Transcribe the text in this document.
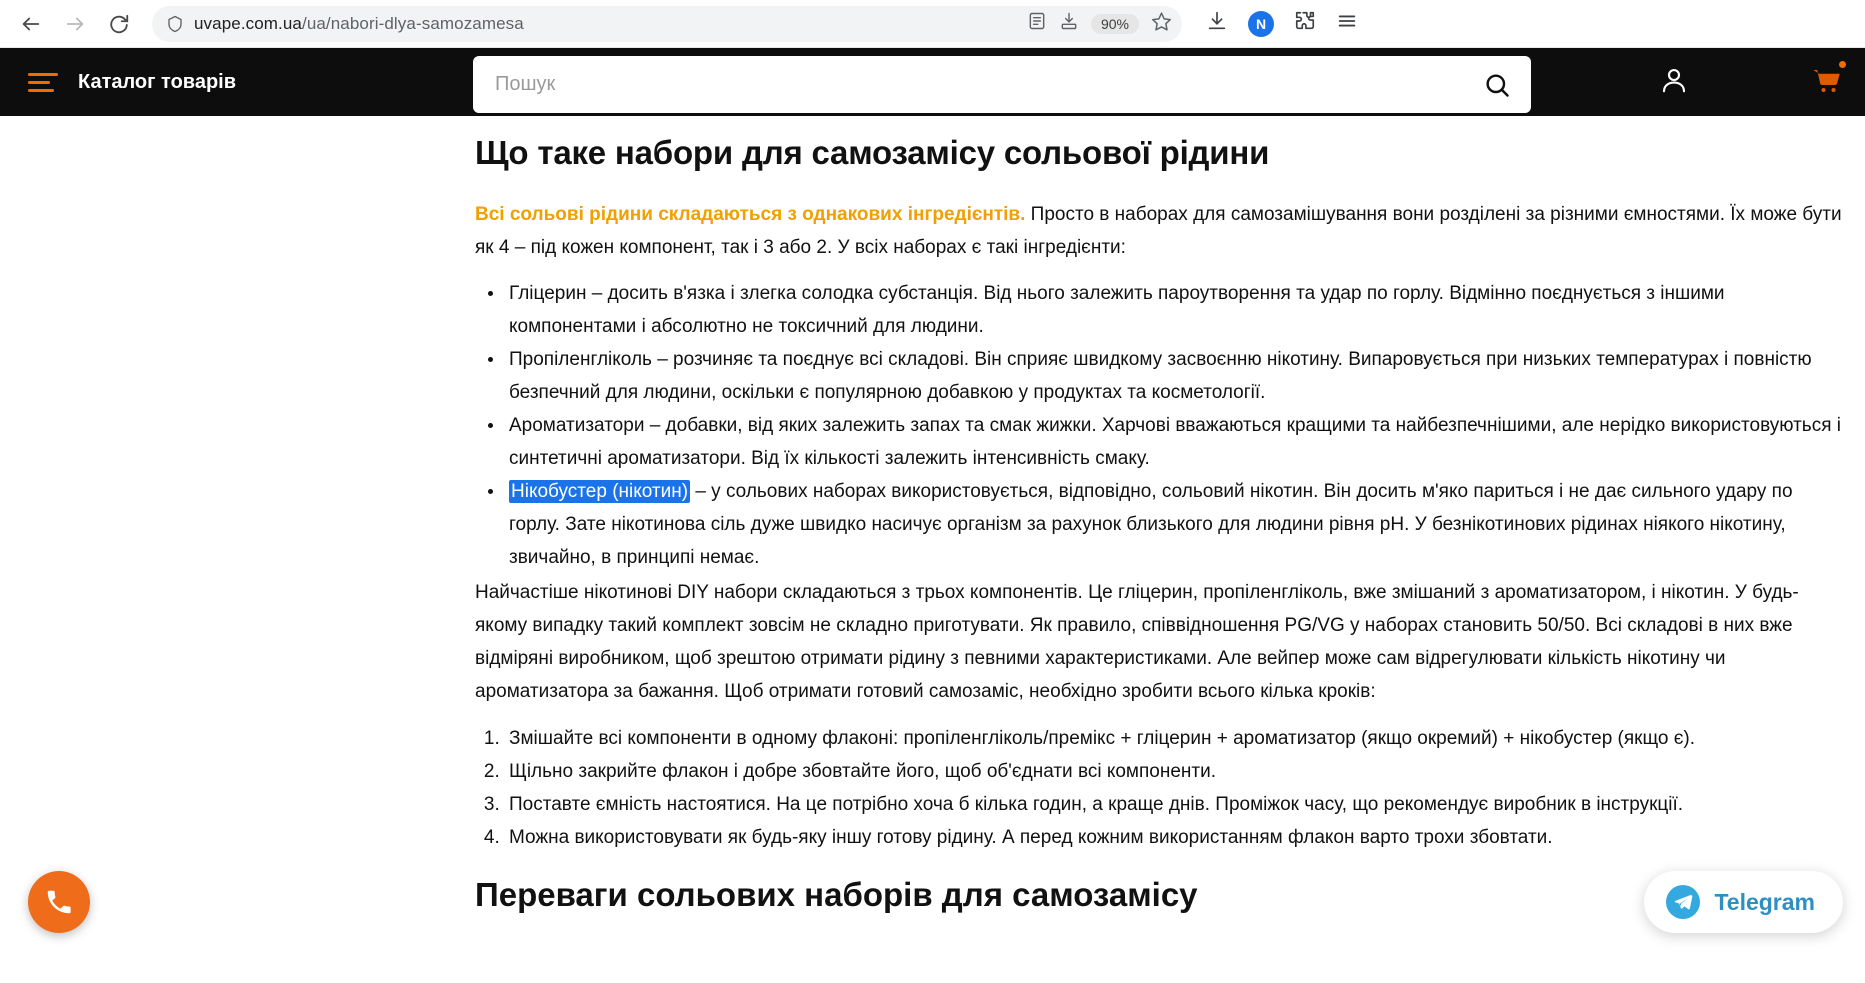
uvape.com.ua/ua/nabori-dlya-samozamesa	90%	N
Каталог товарів
Пошук
Що таке набори для самозамісу сольової рідини

Всі сольові рідини складаються з однакових інгредієнтів. Просто в наборах для самозамішування вони розділені за різними ємностями. Їх може бути як 4 – під кожен компонент, так і 3 або 2. У всіх наборах є такі інгредієнти:

• Гліцерин – досить в'язка і злегка солодка субстанція. Від нього залежить пароутворення та удар по горлу. Відмінно поєднується з іншими компонентами і абсолютно не токсичний для людини.
• Пропіленгліколь – розчиняє та поєднує всі складові. Він сприяє швидкому засвоєнню нікотину. Випаровується при низьких температурах і повністю безпечний для людини, оскільки є популярною добавкою у продуктах та косметології.
• Ароматизатори – добавки, від яких залежить запах та смак жижки. Харчові вважаються кращими та найбезпечнішими, але нерідко використовуються і синтетичні ароматизатори. Від їх кількості залежить інтенсивність смаку.
• Нікобустер (нікотин) – у сольових наборах використовується, відповідно, сольовий нікотин. Він досить м'яко париться і не дає сильного удару по горлу. Зате нікотинова сіль дуже швидко насичує організм за рахунок близького для людини рівня pH. У безнікотинових рідинах ніякого нікотину, звичайно, в принципі немає.

Найчастіше нікотинові DIY набори складаються з трьох компонентів. Це гліцерин, пропіленгліколь, вже змішаний з ароматизатором, і нікотин. У будь-якому випадку такий комплект зовсім не складно приготувати. Як правило, співвідношення PG/VG у наборах становить 50/50. Всі складові в них вже відміряні виробником, щоб зрештою отримати рідину з певними характеристиками. Але вейпер може сам відрегулювати кількість нікотину чи ароматизатора за бажання. Щоб отримати готовий самозаміс, необхідно зробити всього кілька кроків:

1. Змішайте всі компоненти в одному флаконі: пропіленгліколь/премікс + гліцерин + ароматизатор (якщо окремий) + нікобустер (якщо є).
2. Щільно закрийте флакон і добре збовтайте його, щоб об'єднати всі компоненти.
3. Поставте ємність настоятися. На це потрібно хоча б кілька годин, а краще днів. Проміжок часу, що рекомендує виробник в інструкції.
4. Можна використовувати як будь-яку іншу готову рідину. А перед кожним використанням флакон варто трохи збовтати.
Переваги сольових наборів для самозамісу	Telegram
